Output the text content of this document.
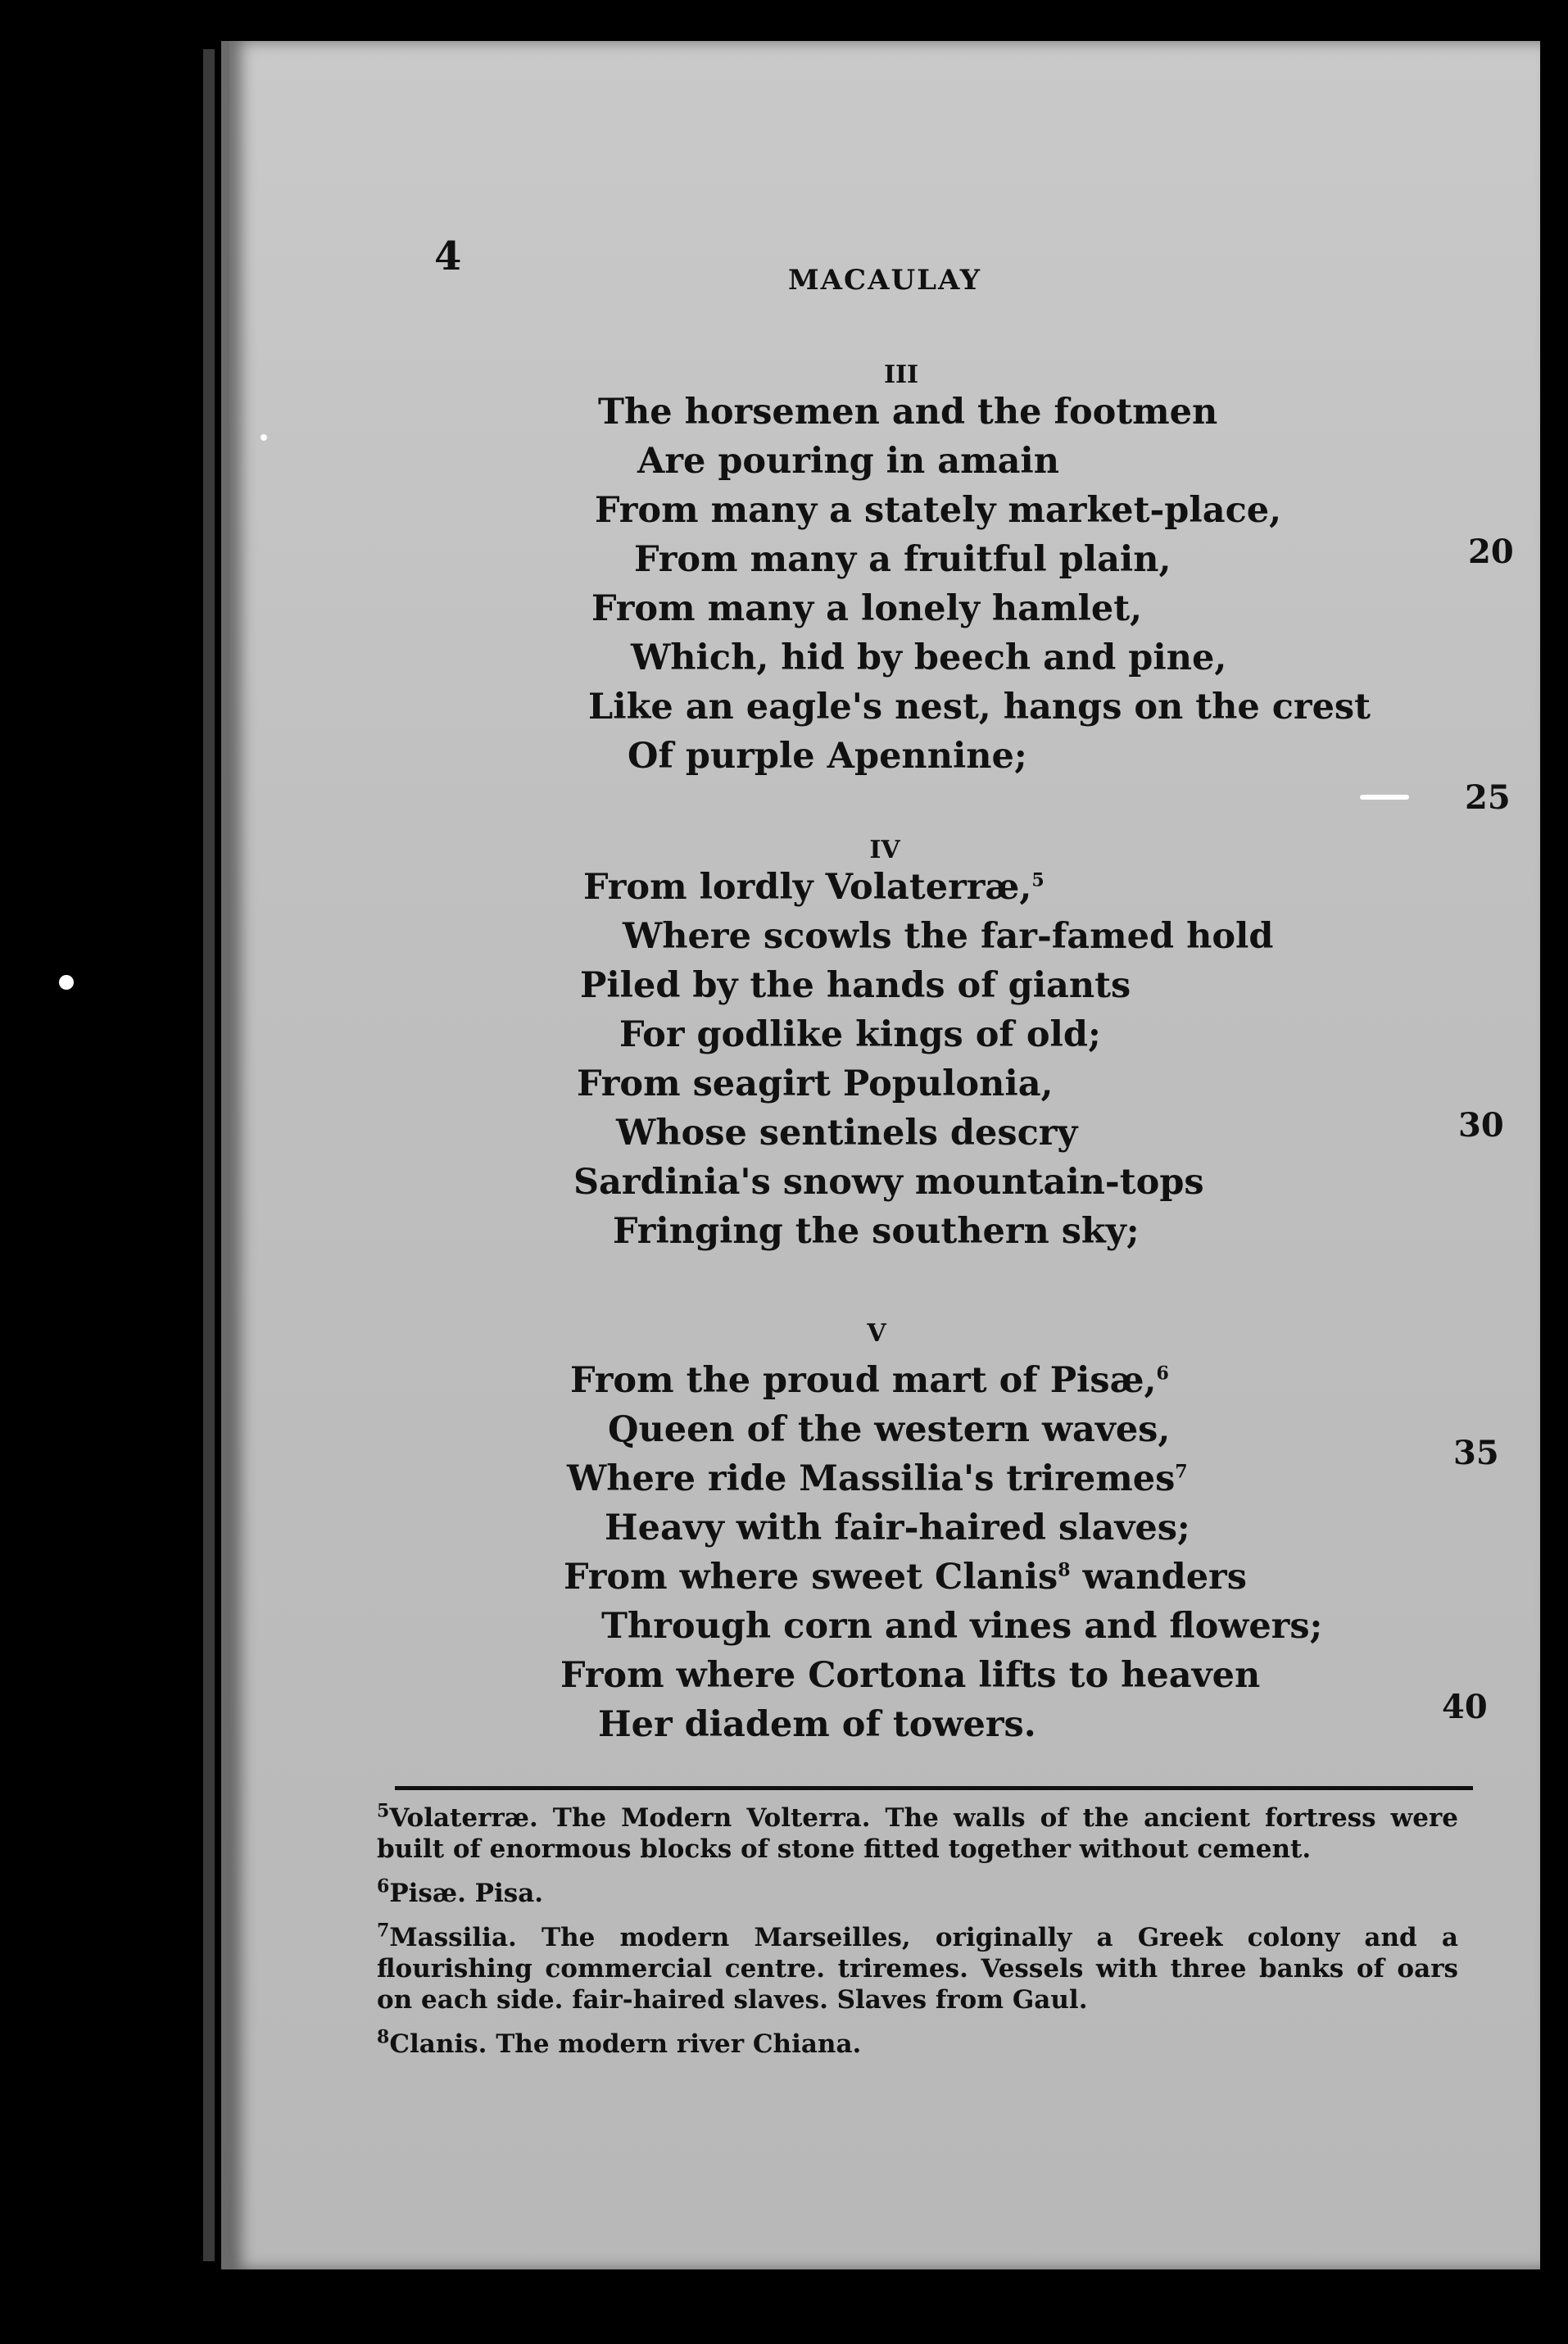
4
MACAULAY
III
The horsemen and the footmen
Are pouring in amain
From many a stately market-place,
From many a fruitful plain,
From many a lonely hamlet,
Which, hid by beech and pine,
Like an eagle's nest, hangs on the crest
Of purple Apennine;
IV
From lordly Volaterræ,$^5$
Where scowls the far-famed hold
Piled by the hands of giants
For godlike kings of old;
From seagirt Populonia,
Whose sentinels descry
Sardinia's snowy mountain-tops
Fringing the southern sky;
V
From the proud mart of Pisæ,$^6$
Queen of the western waves,
Where ride Massilia's triremes$^7$
Heavy with fair-haired slaves;
From where sweet Clanis$^8$ wanders
Through corn and vines and flowers;
From where Cortona lifts to heaven
Her diadem of towers.
20
25
30
35
40

$^5$Volaterræ. The Modern Volterra. The walls of the ancient fortress were built of enormous blocks of stone fitted together without cement.

$^6$Pisæ. Pisa.

$^7$Massilia. The modern Marseilles, originally a Greek colony and a flourishing commercial centre. triremes. Vessels with three banks of oars on each side. fair-haired slaves. Slaves from Gaul.

$^8$Clanis. The modern river Chiana.
